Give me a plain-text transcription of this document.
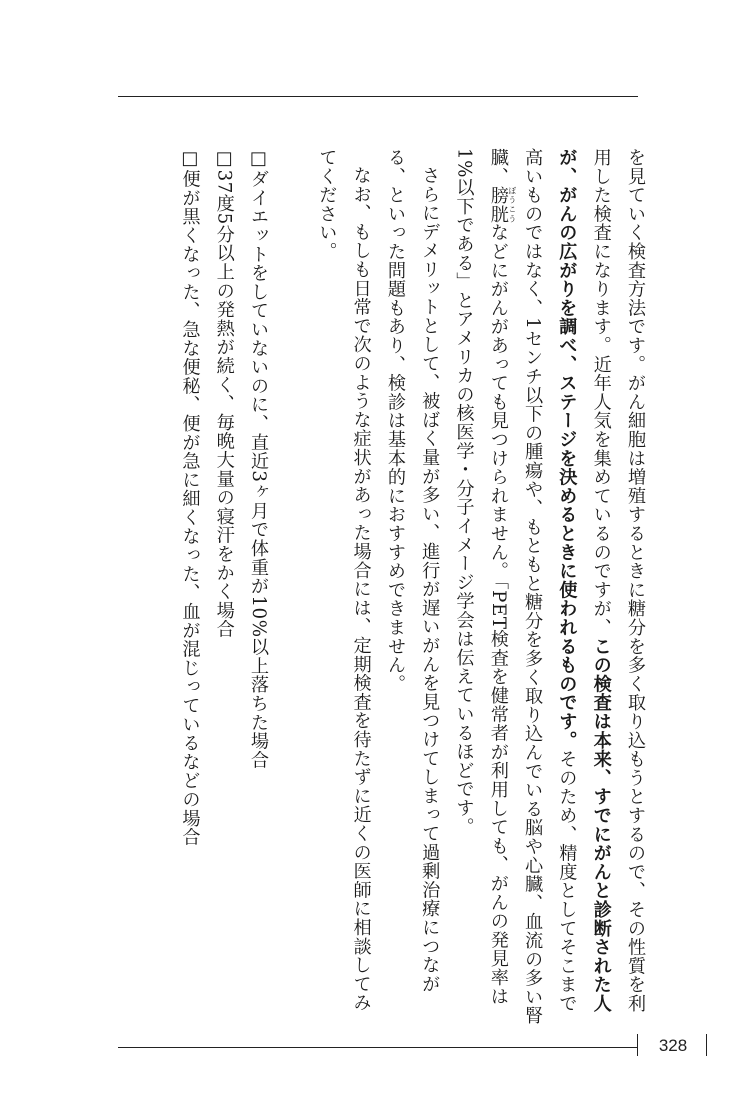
を見ていく検査方法です。がん細胞は増殖するときに糖分を多く取り込もうとするので、その性質を利用した検査になります。近年人気を集めているのですが、この検査は本来、すでにがんと診断された人が、がんの広がりを調べ、ステージを決めるときに使われるものです。そのため、精度としてそこまで高いものではなく、1センチ以下の腫瘍や、もともと糖分を多く取り込んでいる脳や心臓、血流の多い腎臓、膀胱 ぼうこうなどにがんがあっても見つけられません。「PET検査を健常者が利用しても、がんの発見率は1%以下である」とアメリカの核医学・分子イメージ学会は伝えているほどです。

さらにデメリットとして、被ばく量が多い、進行が遅いがんを見つけてしまって過剰治療につながる、といった問題もあり、検診は基本的におすすめできません。

なお、もしも日常で次のような症状があった場合には、定期検査を待たずに近くの医師に相談してみてください。

□ダイエットをしていないのに、直近3ヶ月で体重が10%以上落ちた場合

□37度5分以上の発熱が続く、毎晩大量の寝汗をかく場合

□便が黒くなった、急な便秘、便が急に細くなった、血が混じっているなどの場合

328
